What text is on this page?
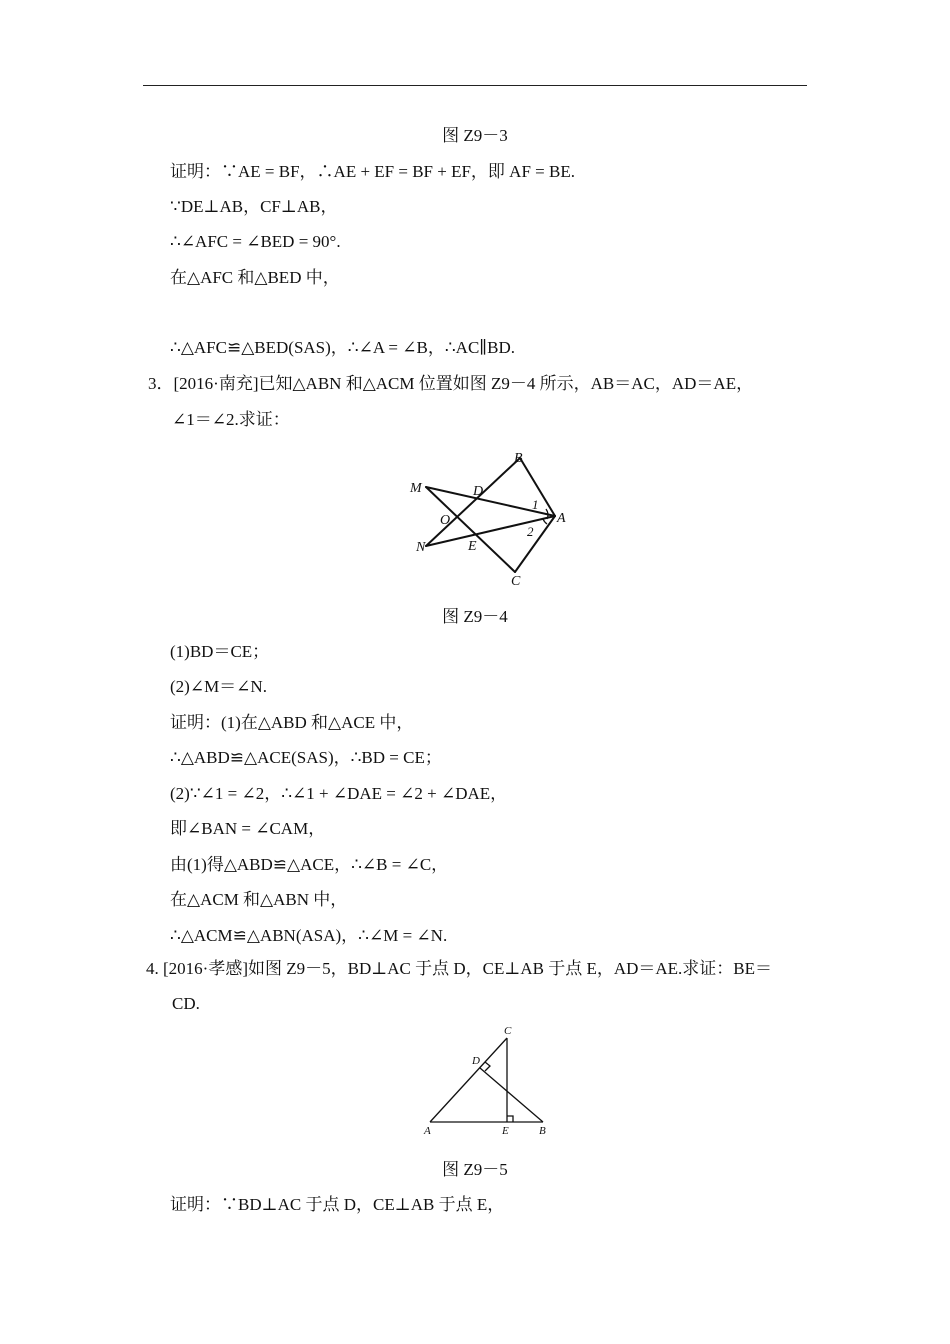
图 Z9－3
证明：∵AE = BF，∴AE + EF = BF + EF，即 AF = BE.
∵DE⊥AB，CF⊥AB，
∴∠AFC = ∠BED = 90°.
在△AFC 和△BED 中，
∴△AFC≌△BED(SAS)，∴∠A = ∠B，∴AC∥BD.
3．[2016·南充]已知△ABN 和△ACM 位置如图 Z9－4 所示，AB＝AC，AD＝AE，
∠1＝∠2.求证：
B
M	D
1
O	A
2
N	E
C
图 Z9－4
(1)BD＝CE；
(2)∠M＝∠N.
证明：(1)在△ABD 和△ACE 中，
∴△ABD≌△ACE(SAS)，∴BD = CE；
(2)∵∠1 = ∠2，∴∠1 + ∠DAE = ∠2 + ∠DAE，
即∠BAN = ∠CAM，
由(1)得△ABD≌△ACE，∴∠B = ∠C，
在△ACM 和△ABN 中，
∴△ACM≌△ABN(ASA)，∴∠M = ∠N.
4. [2016·孝感]如图 Z9－5，BD⊥AC 于点 D，CE⊥AB 于点 E，AD＝AE.求证：BE＝
CD.
C
D
A	E	B
图 Z9－5
证明：∵BD⊥AC 于点 D，CE⊥AB 于点 E，
